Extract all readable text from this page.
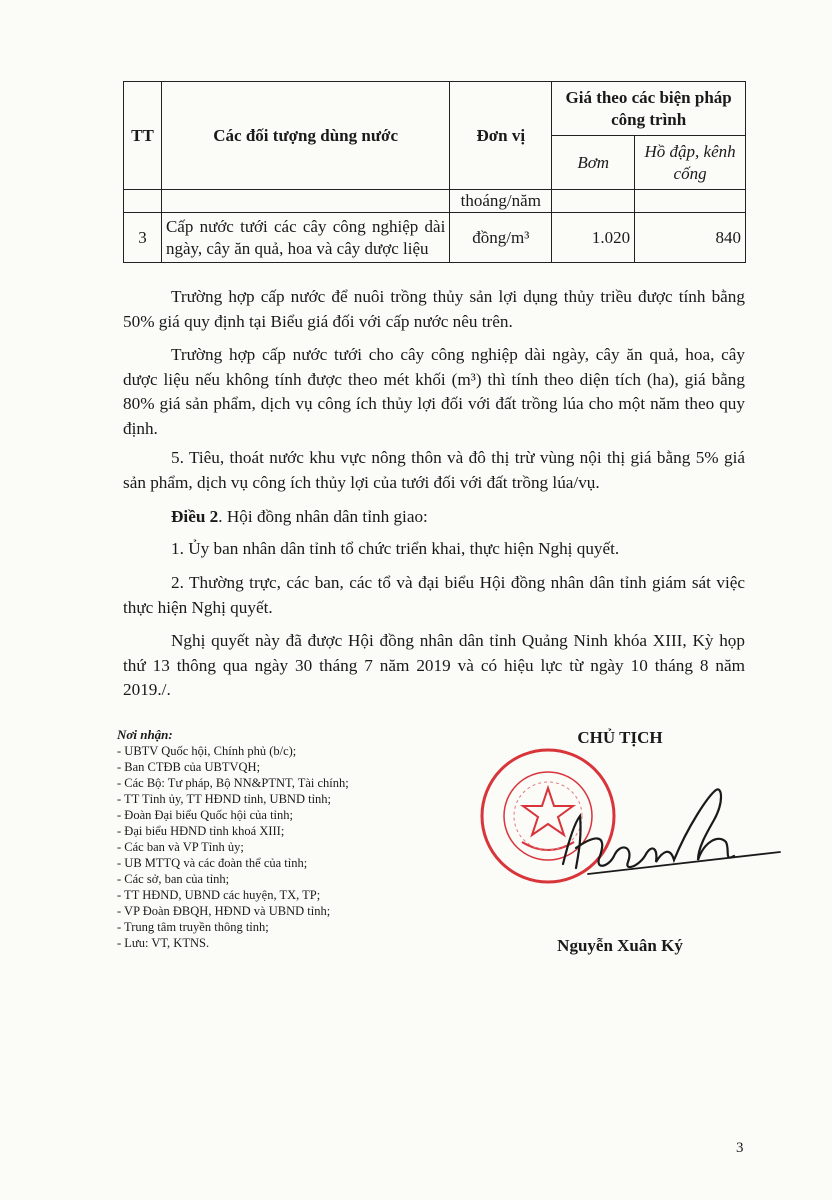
TT	Các đối tượng dùng nước	Đơn vị	Giá theo các biện pháp công trình	
			Bơm	Hồ đập, kênh cống
		thoáng/năm		
3	Cấp nước tưới các cây công nghiệp dài ngày, cây ăn quả, hoa và cây dược liệu	đồng/m³	1.020	840
Trường hợp cấp nước để nuôi trồng thủy sản lợi dụng thủy triều được tính bằng 50% giá quy định tại Biểu giá đối với cấp nước nêu trên.
Trường hợp cấp nước tưới cho cây công nghiệp dài ngày, cây ăn quả, hoa, cây dược liệu nếu không tính được theo mét khối (m³) thì tính theo diện tích (ha), giá bằng 80% giá sản phẩm, dịch vụ công ích thủy lợi đối với đất trồng lúa cho một năm theo quy định.
5. Tiêu, thoát nước khu vực nông thôn và đô thị trừ vùng nội thị giá bằng 5% giá sản phẩm, dịch vụ công ích thủy lợi của tưới đối với đất trồng lúa/vụ.
Điều 2. Hội đồng nhân dân tỉnh giao:
1. Ủy ban nhân dân tỉnh tổ chức triển khai, thực hiện Nghị quyết.
2. Thường trực, các ban, các tổ và đại biểu Hội đồng nhân dân tỉnh giám sát việc thực hiện Nghị quyết.
Nghị quyết này đã được Hội đồng nhân dân tỉnh Quảng Ninh khóa XIII, Kỳ họp thứ 13 thông qua ngày 30 tháng 7 năm 2019 và có hiệu lực từ ngày 10 tháng 8 năm 2019./.
Nơi nhận:
- UBTV Quốc hội, Chính phủ (b/c);
- Ban CTĐB của UBTVQH;
- Các Bộ: Tư pháp, Bộ NN&PTNT, Tài chính;
- TT Tỉnh ủy, TT HĐND tỉnh, UBND tỉnh;
- Đoàn Đại biểu Quốc hội của tỉnh;
- Đại biểu HĐND tỉnh khoá XIII;
- Các ban và VP Tỉnh ủy;
- UB MTTQ và các đoàn thể của tỉnh;
- Các sở, ban của tỉnh;
- TT HĐND, UBND các huyện, TX, TP;
- VP Đoàn ĐBQH, HĐND và UBND tỉnh;
- Trung tâm truyền thông tỉnh;
- Lưu: VT, KTNS.
CHỦ TỊCH
Nguyễn Xuân Ký
3
